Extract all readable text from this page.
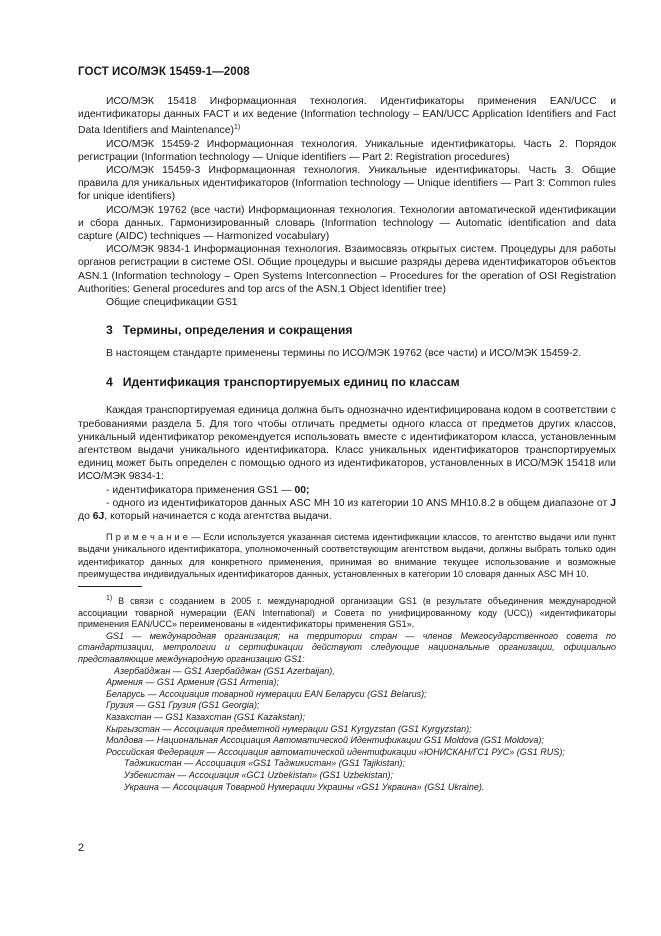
ГОСТ ИСО/МЭК 15459-1—2008

ИСО/МЭК 15418 Информационная технология. Идентификаторы применения EAN/UCC и идентификаторы данных FACT и их ведение (Information technology – EAN/UCC Application Identifiers and Fact Data Identifiers and Maintenance)$^{1)}$

ИСО/МЭК 15459-2 Информационная технология. Уникальные идентификаторы. Часть 2. Порядок регистрации (Information technology — Unique identifiers — Part 2: Registration procedures)

ИСО/МЭК 15459-3 Информационная технология. Уникальные идентификаторы. Часть 3. Общие правила для уникальных идентификаторов (Information technology — Unique identifiers — Part 3: Common rules for unique identifiers)

ИСО/МЭК 19762 (все части) Информационная технология. Технологии автоматической идентификации и сбора данных. Гармонизированный словарь (Information technology — Automatic identification and data capture (AIDC) techniques — Harmonized vocabulary)

ИСО/МЭК 9834-1 Информационная технология. Взаимосвязь открытых систем. Процедуры для работы органов регистрации в системе OSI. Общие процедуры и высшие разряды дерева идентификаторов объектов ASN.1 (Information technology – Open Systems Interconnection – Procedures for the operation of OSI Registration Authorities: General procedures and top arcs of the ASN.1 Object Identifier tree)

Общие спецификации GS1

3 Термины, определения и сокращения

В настоящем стандарте применены термины по ИСО/МЭК 19762 (все части) и ИСО/МЭК 15459-2.

4 Идентификация транспортируемых единиц по классам

Каждая транспортируемая единица должна быть однозначно идентифицирована кодом в соответствии с требованиями раздела 5. Для того чтобы отличать предметы одного класса от предметов других классов, уникальный идентификатор рекомендуется использовать вместе с идентификатором класса, установленным агентством выдачи уникального идентификатора. Класс уникальных идентификаторов транспортируемых единиц может быть определен с помощью одного из идентификаторов, установленных в ИСО/МЭК 15418 или ИСО/МЭК 9834-1:

- идентификатора применения GS1 — 00;

- одного из идентификаторов данных ASC MH 10 из категории 10 ANS MH10.8.2 в общем диапазоне от J до 6J, который начинается с кода агентства выдачи.

П р и м е ч а н и е — Если используется указанная система идентификации классов, то агентство выдачи или пункт выдачи уникального идентификатора, уполномоченный соответствующим агентством выдачи, должны выбрать только один идентификатор данных для конкретного применения, принимая во внимание текущее использование и возможные преимущества индивидуальных идентификаторов данных, установленных в категории 10 словаря данных ASC MH 10.

$^{1)}$ В связи с созданием в 2005 г. международной организации GS1 (в результате объединения международной ассоциации товарной нумерации (EAN International) и Совета по унифицированному коду (UCC)) «идентификаторы применения EAN/UCC» переименованы в «идентификаторы применения GS1».

GS1 — международная организация; на территории стран — членов Межгосударственного совета по стандартизации, метрологии и сертификации действуют следующие национальные организации, официально представляющие международную организацию GS1:

Азербайджан — GS1 Азербайджан (GS1 Azerbaijan),

Армения — GS1 Армения (GS1 Armenia);

Беларусь — Ассоциация товарной нумерации EAN Беларуси (GS1 Belarus);

Грузия — GS1 Грузия (GS1 Georgia);

Казахстан — GS1 Казахстан (GS1 Kazakstan);

Кыргызстан — Ассоциация предметной нумерации GS1 Kyrgyzstan (GS1 Kyrgyzstan);

Молдова — Национальная Ассоциация Автоматической Идентификации GS1 Moldova (GS1 Moldova);

Российская Федерация — Ассоциация автоматической идентификации «ЮНИСКАН/ГС1 РУС» (GS1 RUS);

Таджикистан — Ассоциация «GS1 Таджикистан» (GS1 Tajikistan);

Узбекистан — Ассоциация «GC1 Uzbekistan» (GS1 Uzbekistan);

Украина — Ассоциация Товарной Нумерации Украины «GS1 Украина» (GS1 Ukraine).

2
